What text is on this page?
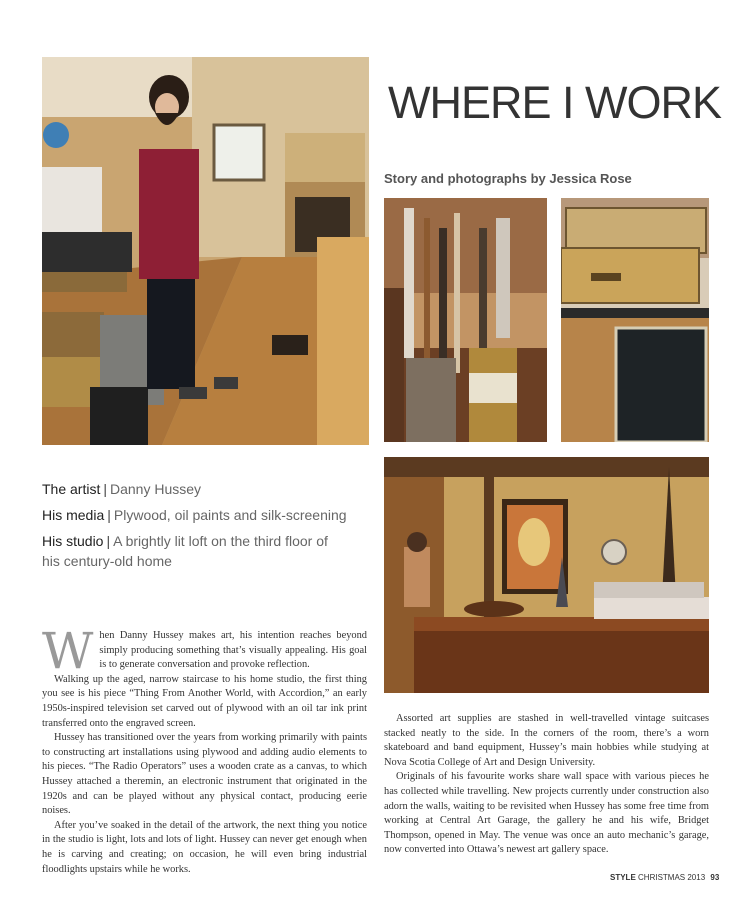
WHERE I WORK
Story and photographs by Jessica Rose
The artist | Danny Hussey
His media | Plywood, oil paints and silk-screening
His studio | A brightly lit loft on the third floor of his century-old home

When Danny Hussey makes art, his intention reaches beyond simply producing something that’s visually appealing. His goal is to generate conversation and provoke reflection.

Walking up the aged, narrow staircase to his home studio, the first thing you see is his piece “Thing From Another World, with Accordion,” an early 1950s-inspired television set carved out of plywood with an oil tar ink print transferred onto the engraved screen.

Hussey has transitioned over the years from working primarily with paints to constructing art installations using plywood and adding audio elements to his pieces. “The Radio Operators” uses a wooden crate as a canvas, to which Hussey attached a theremin, an electronic instrument that originated in the 1920s and can be played without any physical contact, producing eerie noises.

After you’ve soaked in the detail of the artwork, the next thing you notice in the studio is light, lots and lots of light. Hussey can never get enough when he is carving and creating; on occasion, he will even bring industrial floodlights upstairs while he works.

Assorted art supplies are stashed in well-travelled vintage suitcases stacked neatly to the side. In the corners of the room, there’s a worn skateboard and band equipment, Hussey’s main hobbies while studying at Nova Scotia College of Art and Design University.

Originals of his favourite works share wall space with various pieces he has collected while travelling. New projects currently under construction also adorn the walls, waiting to be revisited when Hussey has some free time from working at Central Art Garage, the gallery he and his wife, Bridget Thompson, opened in May. The venue was once an auto mechanic’s garage, now converted into Ottawa’s newest art gallery space.

STYLE CHRISTMAS 2013 93
